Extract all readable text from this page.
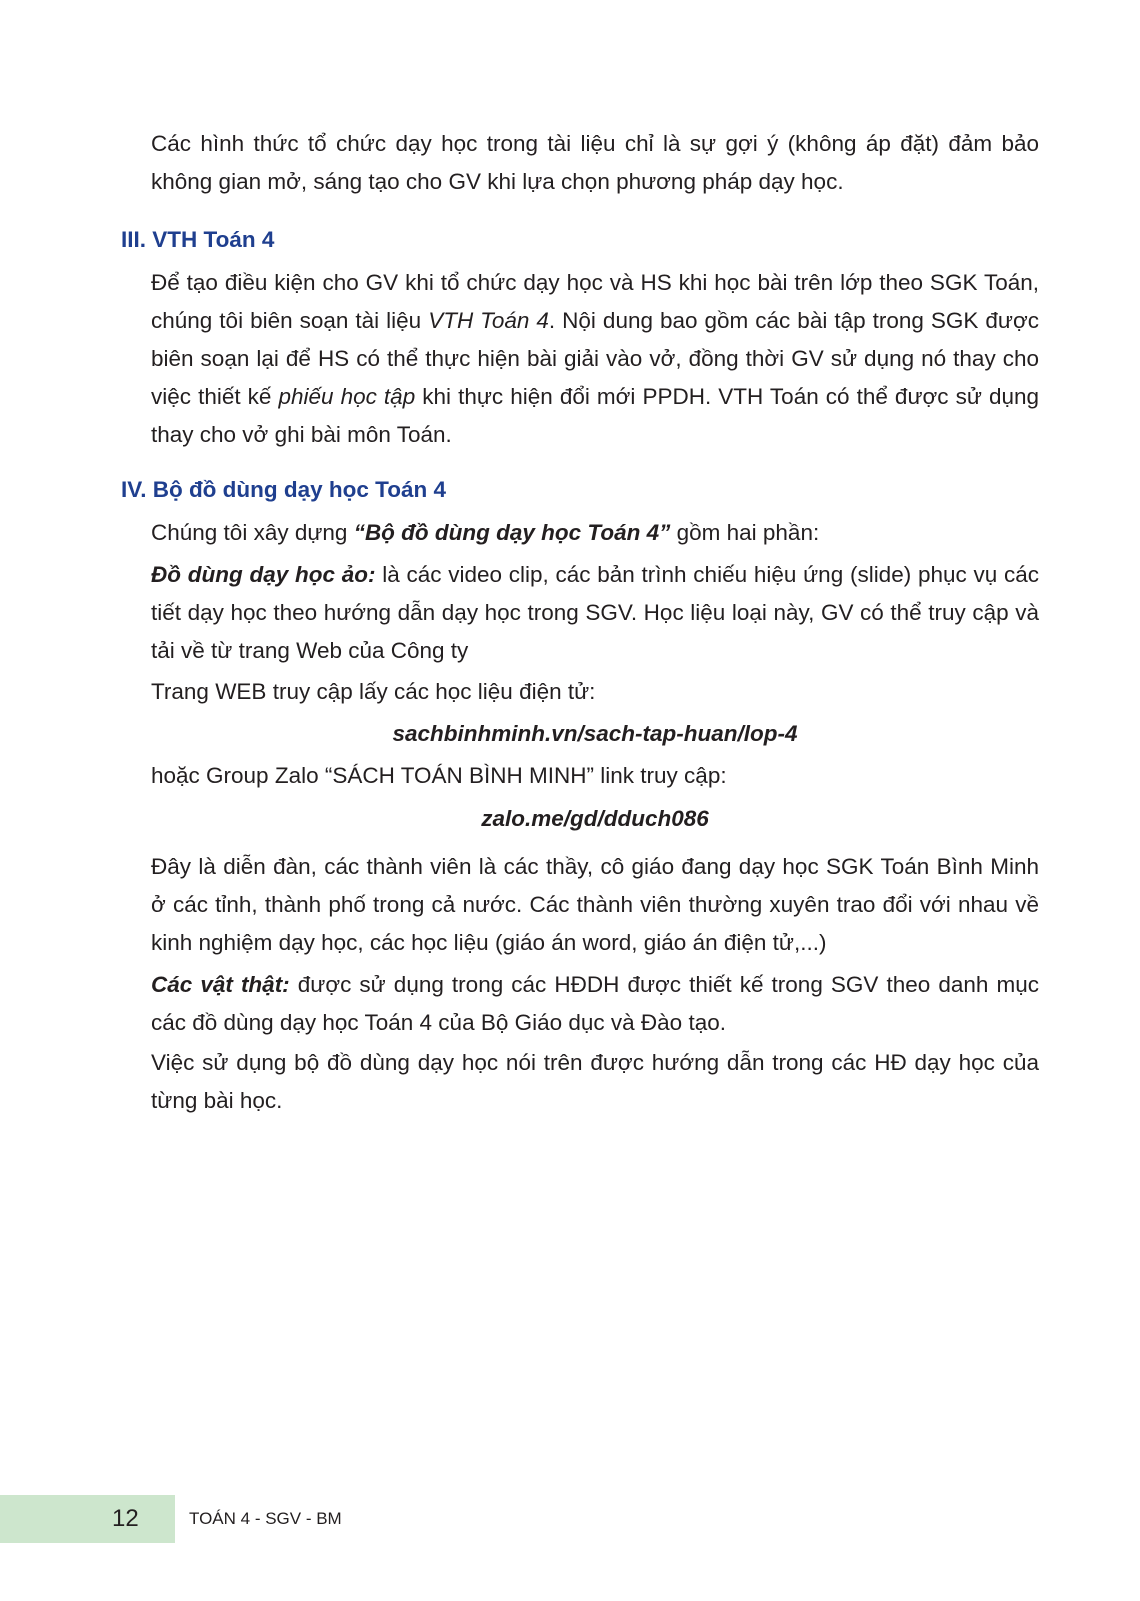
Các hình thức tổ chức dạy học trong tài liệu chỉ là sự gợi ý (không áp đặt) đảm bảo không gian mở, sáng tạo cho GV khi lựa chọn phương pháp dạy học.

III. VTH Toán 4

Để tạo điều kiện cho GV khi tổ chức dạy học và HS khi học bài trên lớp theo SGK Toán, chúng tôi biên soạn tài liệu VTH Toán 4. Nội dung bao gồm các bài tập trong SGK được biên soạn lại để HS có thể thực hiện bài giải vào vở, đồng thời GV sử dụng nó thay cho việc thiết kế phiếu học tập khi thực hiện đổi mới PPDH. VTH Toán có thể được sử dụng thay cho vở ghi bài môn Toán.

IV. Bộ đồ dùng dạy học Toán 4

Chúng tôi xây dựng “Bộ đồ dùng dạy học Toán 4” gồm hai phần:

Đồ dùng dạy học ảo: là các video clip, các bản trình chiếu hiệu ứng (slide) phục vụ các tiết dạy học theo hướng dẫn dạy học trong SGV. Học liệu loại này, GV có thể truy cập và tải về từ trang Web của Công ty

Trang WEB truy cập lấy các học liệu điện tử:

sachbinhminh.vn/sach-tap-huan/lop-4

hoặc Group Zalo “SÁCH TOÁN BÌNH MINH” link truy cập:

zalo.me/gd/dduch086

Đây là diễn đàn, các thành viên là các thầy, cô giáo đang dạy học SGK Toán Bình Minh ở các tỉnh, thành phố trong cả nước. Các thành viên thường xuyên trao đổi với nhau về kinh nghiệm dạy học, các học liệu (giáo án word, giáo án điện tử,...)

Các vật thật: được sử dụng trong các HĐDH được thiết kế trong SGV theo danh mục các đồ dùng dạy học Toán 4 của Bộ Giáo dục và Đào tạo.

Việc sử dụng bộ đồ dùng dạy học nói trên được hướng dẫn trong các HĐ dạy học của từng bài học.

12	TOÁN 4 - SGV - BM
